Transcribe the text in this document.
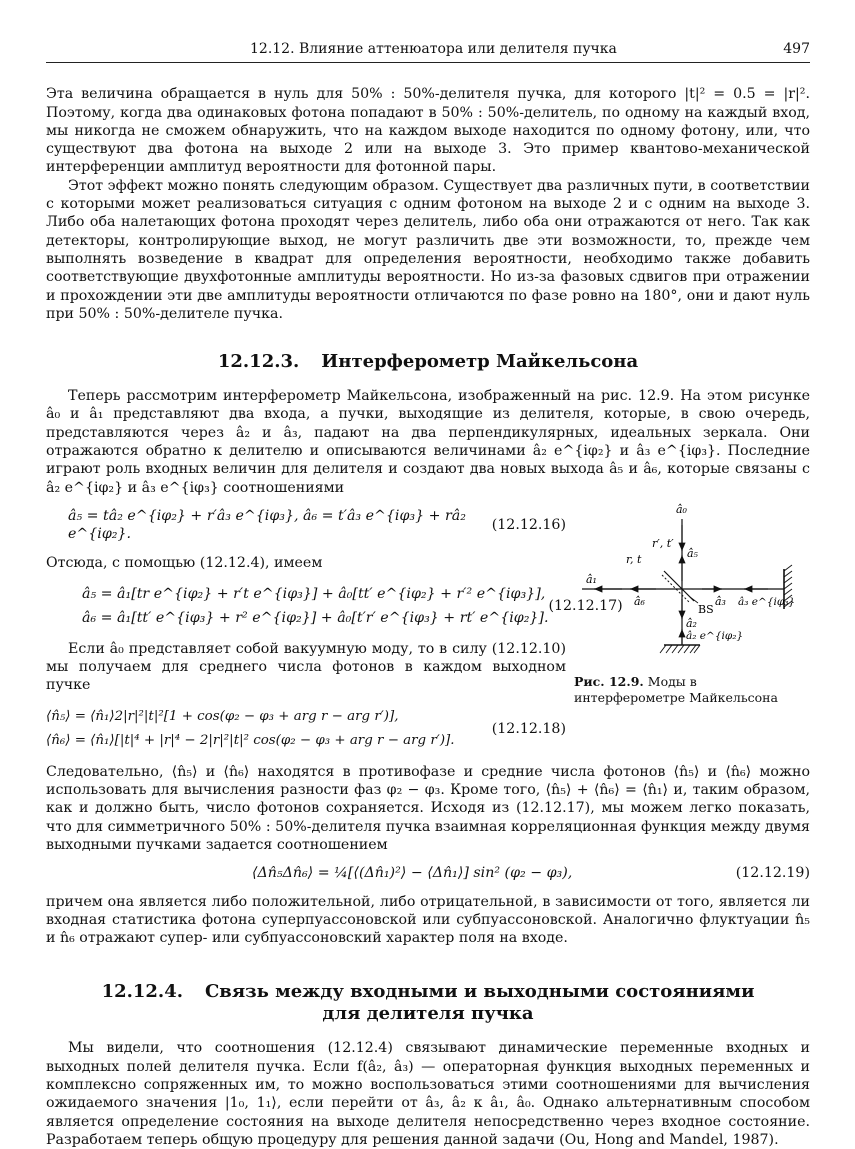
12.12. Влияние аттенюатора или делителя пучка	497

Эта величина обращается в нуль для 50% : 50%-делителя пучка, для которого |t|² = 0.5 = |r|². Поэтому, когда два одинаковых фотона попадают в 50% : 50%-делитель, по одному на каждый вход, мы никогда не сможем обнаружить, что на каждом выходе находится по одному фотону, или, что существуют два фотона на выходе 2 или на выходе 3. Это пример квантово-механической интерференции амплитуд вероятности для фотонной пары.

Этот эффект можно понять следующим образом. Существует два различных пути, в соответствии с которыми может реализоваться ситуация с одним фотоном на выходе 2 и с одним на выходе 3. Либо оба налетающих фотона проходят через делитель, либо оба они отражаются от него. Так как детекторы, контролирующие выход, не могут различить две эти возможности, то, прежде чем выполнять возведение в квадрат для определения вероятности, необходимо также добавить соответствующие двухфотонные амплитуды вероятности. Но из-за фазовых сдвигов при отражении и прохождении эти две амплитуды вероятности отличаются по фазе ровно на 180°, они и дают нуль при 50% : 50%-делителе пучка.

12.12.3. Интерферометр Майкельсона

Теперь рассмотрим интерферометр Майкельсона, изображенный на рис. 12.9. На этом рисунке â₀ и â₁ представляют два входа, а пучки, выходящие из делителя, которые, в свою очередь, представляются через â₂ и â₃, падают на два перпендикулярных, идеальных зеркала. Они отражаются обратно к делителю и описываются величинами â₂ e^{iφ₂} и â₃ e^{iφ₃}. Последние играют роль входных величин для делителя и создают два новых выхода â₅ и â₆, которые связаны с â₂ e^{iφ₂} и â₃ e^{iφ₃} соотношениями

â₅ = tâ₂ e^{iφ₂} + r′â₃ e^{iφ₃}, â₆ = t′â₃ e^{iφ₃} + râ₂ e^{iφ₂}.
(12.12.16)

Отсюда, с помощью (12.12.4), имеем

â₅ = â₁[tr e^{iφ₂} + r′t e^{iφ₃}] + â₀[tt′ e^{iφ₂} + r′² e^{iφ₃}],
â₆ = â₁[tt′ e^{iφ₃} + r² e^{iφ₂}] + â₀[t′r′ e^{iφ₃} + rt′ e^{iφ₂}].
(12.12.17)

Если â₀ представляет собой вакуумную моду, то в силу (12.12.10) мы получаем для среднего числа фотонов в каждом выходном пучке

⟨n̂₅⟩ = ⟨n̂₁⟩2|r|²|t|²[1 + cos(φ₂ − φ₃ + arg r − arg r′)],
⟨n̂₆⟩ = ⟨n̂₁⟩[|t|⁴ + |r|⁴ − 2|r|²|t|² cos(φ₂ − φ₃ + arg r − arg r′)].
(12.12.18)
â₀
â₁
â₅
â₆	â₃ â₃ e^{iφ₃}
â₂
â₂ e^{iφ₂}
r′, t′
r, t
BS
Рис. 12.9. Моды в интерферометре Майкельсона

Следовательно, ⟨n̂₅⟩ и ⟨n̂₆⟩ находятся в противофазе и средние числа фотонов ⟨n̂₅⟩ и ⟨n̂₆⟩ можно использовать для вычисления разности фаз φ₂ − φ₃. Кроме того, ⟨n̂₅⟩ + ⟨n̂₆⟩ = ⟨n̂₁⟩ и, таким образом, как и должно быть, число фотонов сохраняется. Исходя из (12.12.17), мы можем легко показать, что для симметричного 50% : 50%-делителя пучка взаимная корреляционная функция между двумя выходными пучками задается соотношением

⟨Δn̂₅Δn̂₆⟩ = ¼[⟨(Δn̂₁)²⟩ − ⟨Δn̂₁⟩] sin² (φ₂ − φ₃),	(12.12.19)

причем она является либо положительной, либо отрицательной, в зависимости от того, является ли входная статистика фотона суперпуассоновской или субпуассоновской. Аналогично флуктуации n̂₅ и n̂₆ отражают супер- или субпуассоновский характер поля на входе.

12.12.4. Связь между входными и выходными состояниями
для делителя пучка

Мы видели, что соотношения (12.12.4) связывают динамические переменные входных и выходных полей делителя пучка. Если f(â₂, â₃) — операторная функция выходных переменных и комплексно сопряженных им, то можно воспользоваться этими соотношениями для вычисления ожидаемого значения |1₀, 1₁⟩, если перейти от â₃, â₂ к â₁, â₀. Однако альтернативным способом является определение состояния на выходе делителя непосредственно через входное состояние. Разработаем теперь общую процедуру для решения данной задачи (Ou, Hong and Mandel, 1987).
